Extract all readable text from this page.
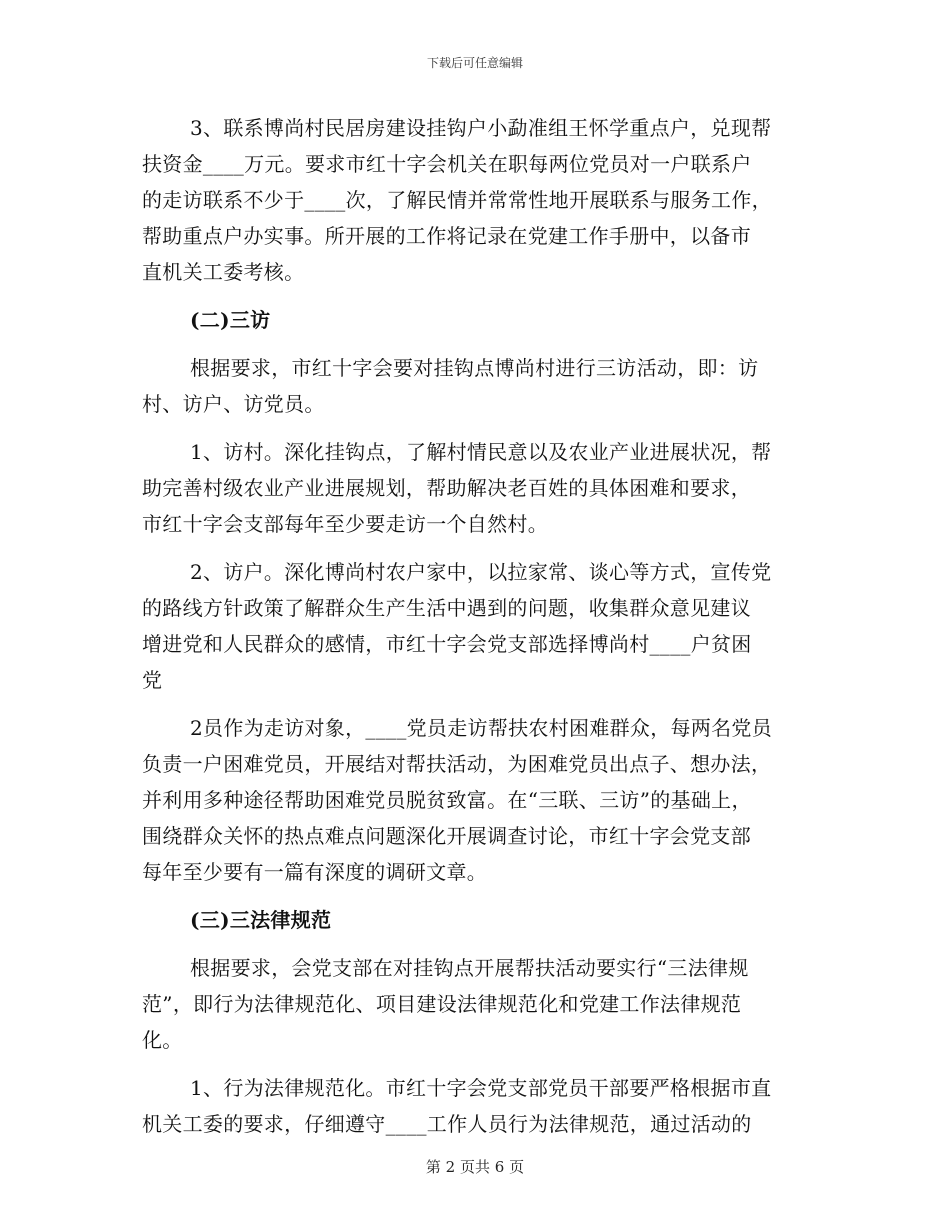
下载后可任意编辑
3、联系博尚村民居房建设挂钩户小勐准组王怀学重点户，兑现帮
扶资金____万元。要求市红十字会机关在职每两位党员对一户联系户
的走访联系不少于____次，了解民情并常常性地开展联系与服务工作，
帮助重点户办实事。所开展的工作将记录在党建工作手册中，以备市
直机关工委考核。
(二)三访
根据要求，市红十字会要对挂钩点博尚村进行三访活动，即：访
村、访户、访党员。
1、访村。深化挂钩点，了解村情民意以及农业产业进展状况，帮
助完善村级农业产业进展规划，帮助解决老百姓的具体困难和要求，
市红十字会支部每年至少要走访一个自然村。
2、访户。深化博尚村农户家中，以拉家常、谈心等方式，宣传党
的路线方针政策了解群众生产生活中遇到的问题，收集群众意见建议
增进党和人民群众的感情，市红十字会党支部选择博尚村____户贫困
党
2员作为走访对象，____党员走访帮扶农村困难群众，每两名党员
负责一户困难党员，开展结对帮扶活动，为困难党员出点子、想办法，
并利用多种途径帮助困难党员脱贫致富。在“三联、三访”的基础上，
围绕群众关怀的热点难点问题深化开展调查讨论，市红十字会党支部
每年至少要有一篇有深度的调研文章。
(三)三法律规范
根据要求，会党支部在对挂钩点开展帮扶活动要实行“三法律规
范”，即行为法律规范化、项目建设法律规范化和党建工作法律规范
化。
1、行为法律规范化。市红十字会党支部党员干部要严格根据市直
机关工委的要求，仔细遵守____工作人员行为法律规范，通过活动的
第 2 页共 6 页
